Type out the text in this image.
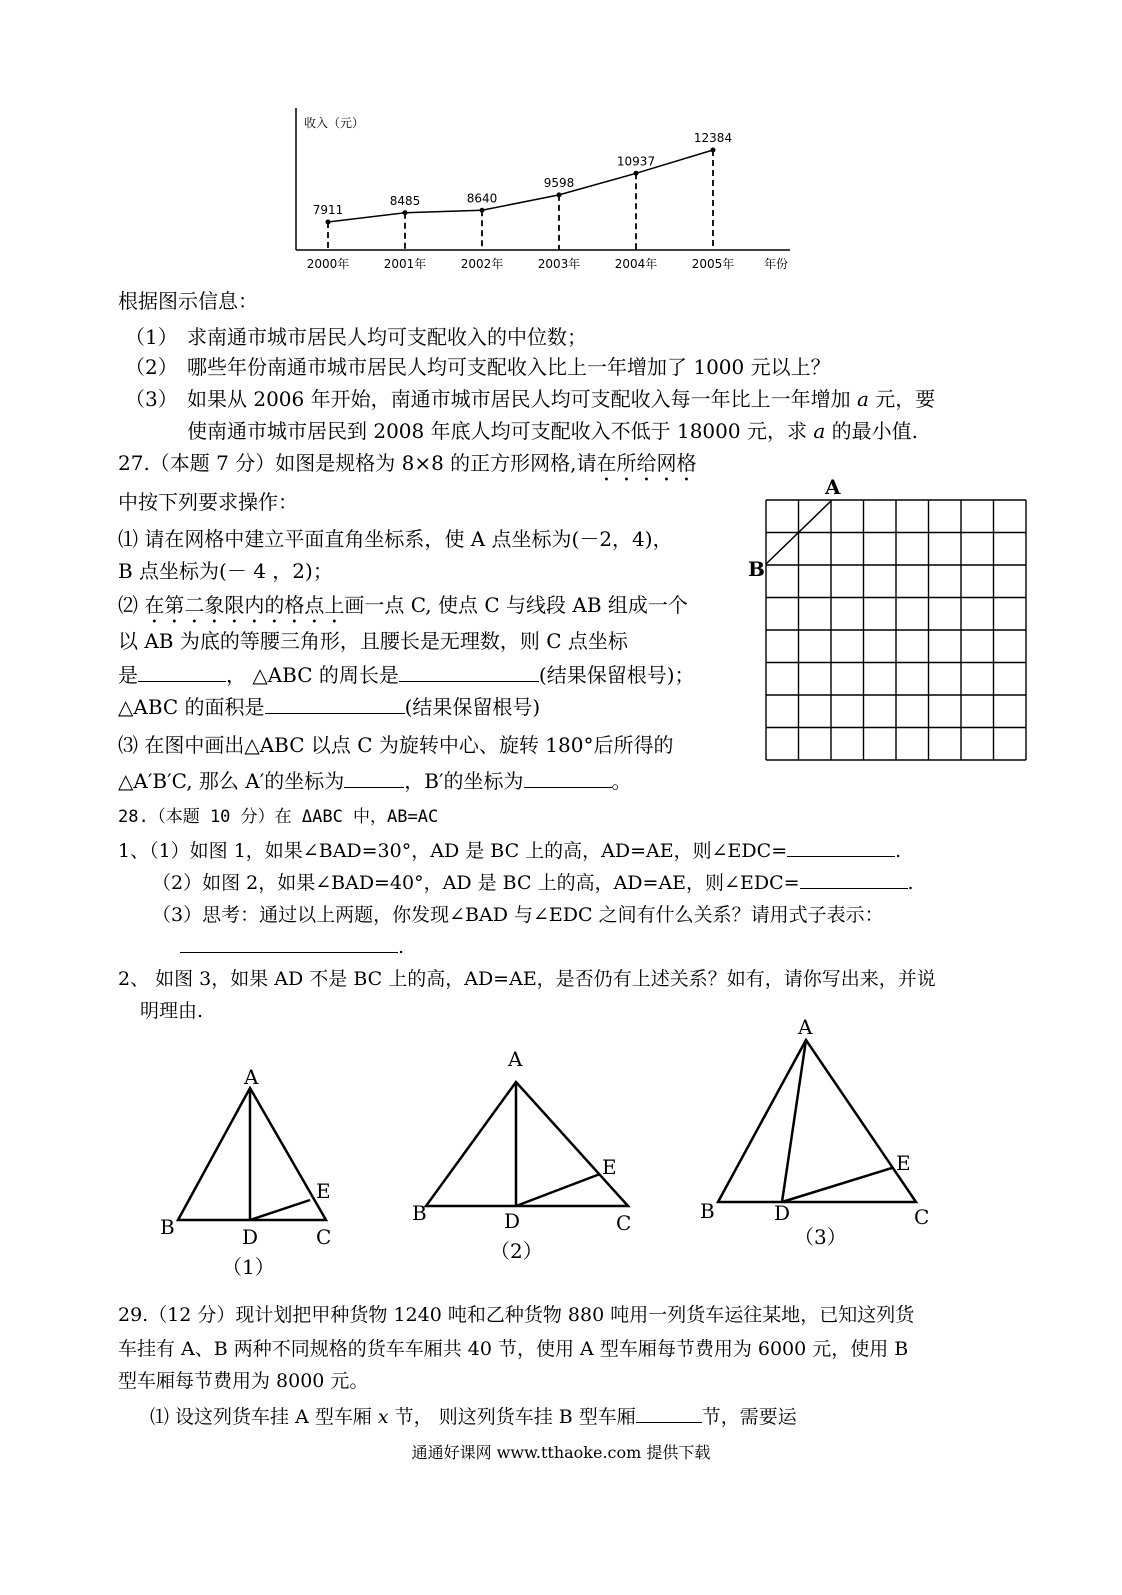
收入（元）
年份
7911
2000年
8485
2001年
8640
2002年
9598
2003年
10937
2004年
12384
2005年
根据图示信息：
（1） 求南通市城市居民人均可支配收入的中位数；
（2） 哪些年份南通市城市居民人均可支配收入比上一年增加了 1000 元以上？
（3） 如果从 2006 年开始，南通市城市居民人均可支配收入每一年比上一年增加 a 元，要
使南通市城市居民到 2008 年底人均可支配收入不低于 18000 元，求 a 的最小值.
27.（本题 7 分）如图是规格为 8×8 的正方形网格,请在所给网格
中按下列要求操作：
⑴ 请在网格中建立平面直角坐标系，使 A 点坐标为(－2，4)，
B 点坐标为(－ 4 ，2)；
⑵ 在第二象限内的格点上画一点 C, 使点 C 与线段 AB 组成一个
以 AB 为底的等腰三角形，且腰长是无理数，则 C 点坐标
是	， △ABC 的周长是	(结果保留根号)；
△ABC 的面积是	(结果保留根号)
⑶ 在图中画出△ABC 以点 C 为旋转中心、旋转 180°后所得的
△A′B′C, 那么 A′的坐标为	，B′的坐标为	。
A
B
28.（本题 10 分）在 ΔABC 中，AB=AC
1、（1）如图 1，如果∠BAD=30°，AD 是 BC 上的高，AD=AE，则∠EDC=	.
（2）如图 2，如果∠BAD=40°，AD 是 BC 上的高，AD=AE，则∠EDC=	.
（3）思考：通过以上两题，你发现∠BAD 与∠EDC 之间有什么关系？请用式子表示：
.
2、 如图 3，如果 AD 不是 BC 上的高，AD=AE，是否仍有上述关系？如有，请你写出来，并说
明理由.
A
B	C
D
E
（1）
A
B	C
D
E
（2）
A
B	C
D
E
（3）
29.（12 分）现计划把甲种货物 1240 吨和乙种货物 880 吨用一列货车运往某地，已知这列货
车挂有 A、B 两种不同规格的货车车厢共 40 节，使用 A 型车厢每节费用为 6000 元，使用 B
型车厢每节费用为 8000 元。
⑴ 设这列货车挂 A 型车厢 x 节， 则这列货车挂 B 型车厢	节，需要运
通通好课网 www.tthaoke.com 提供下载
